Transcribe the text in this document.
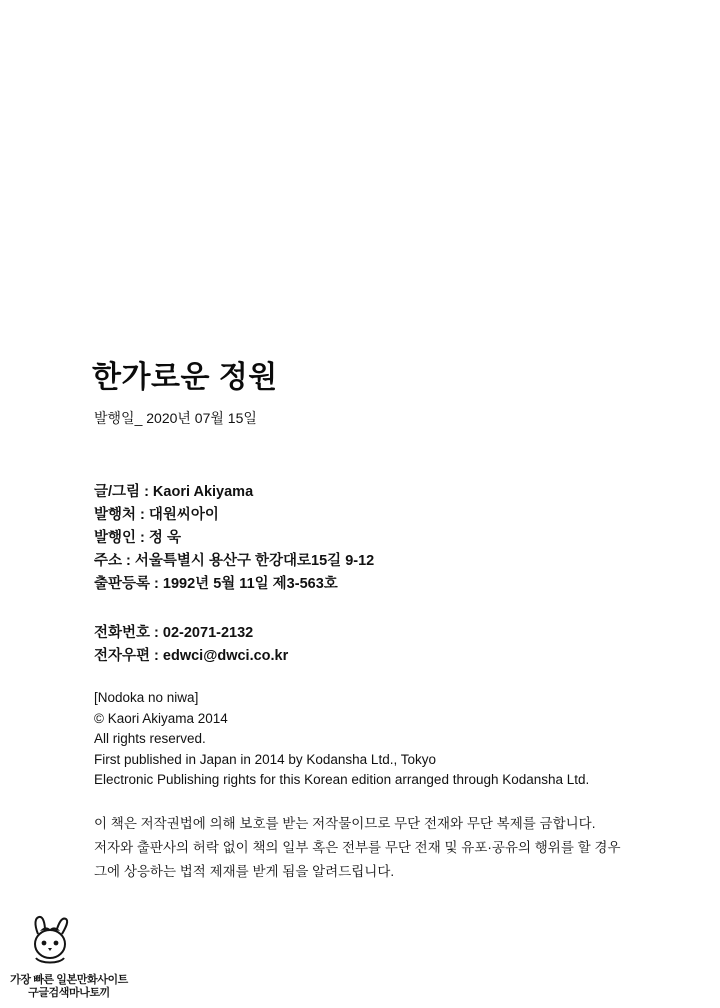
한가로운 정원
발행일_ 2020년 07월 15일
글/그림 : Kaori Akiyama
발행처 : 대원씨아이
발행인 : 정 욱
주소 : 서울특별시 용산구 한강대로15길 9-12
출판등록 : 1992년 5월 11일 제3-563호
전화번호 : 02-2071-2132
전자우편 : edwci@dwci.co.kr
[Nodoka no niwa]
© Kaori Akiyama 2014
All rights reserved.
First published in Japan in 2014 by Kodansha Ltd., Tokyo
Electronic Publishing rights for this Korean edition arranged through Kodansha Ltd.
이 책은 저작권법에 의해 보호를 받는 저작물이므로 무단 전재와 무단 복제를 금합니다.
저자와 출판사의 허락 없이 책의 일부 혹은 전부를 무단 전재 및 유포·공유의 행위를 할 경우
그에 상응하는 법적 제재를 받게 됨을 알려드립니다.
가장 빠른 일본만화사이트
구글검색마나토끼
